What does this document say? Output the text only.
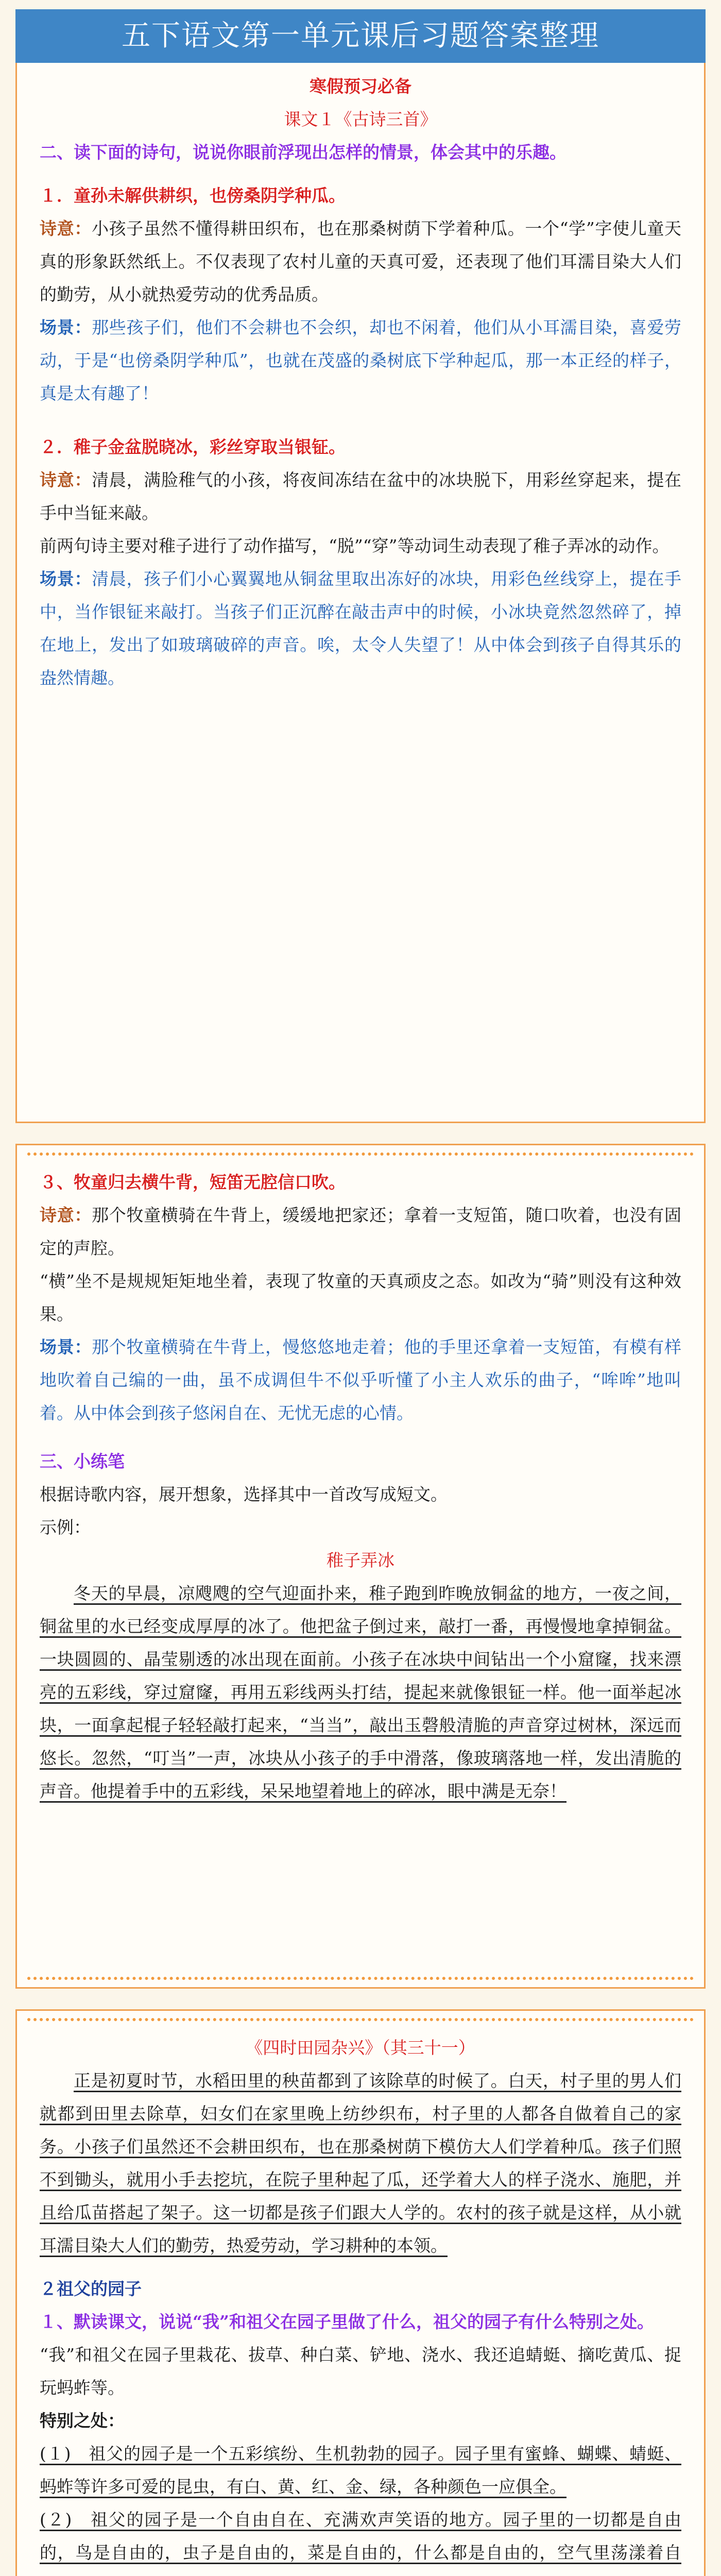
五下语文第一单元课后习题答案整理

寒假预习必备

课文１《古诗三首》

二、读下面的诗句，说说你眼前浮现出怎样的情景，体会其中的乐趣。

１．童孙未解供耕织，也傍桑阴学种瓜。

诗意：小孩子虽然不懂得耕田织布，也在那桑树荫下学着种瓜。一个“学”字使儿童天真的形象跃然纸上。不仅表现了农村儿童的天真可爱，还表现了他们耳濡目染大人们的勤劳，从小就热爱劳动的优秀品质。

场景：那些孩子们，他们不会耕也不会织，却也不闲着，他们从小耳濡目染，喜爱劳动，于是“也傍桑阴学种瓜”，也就在茂盛的桑树底下学种起瓜，那一本正经的样子，真是太有趣了！

２．稚子金盆脱晓冰，彩丝穿取当银钲。

诗意：清晨，满脸稚气的小孩，将夜间冻结在盆中的冰块脱下，用彩丝穿起来，提在手中当钲来敲。

前两句诗主要对稚子进行了动作描写，“脱”“穿”等动词生动表现了稚子弄冰的动作。

场景：清晨，孩子们小心翼翼地从铜盆里取出冻好的冰块，用彩色丝线穿上，提在手中，当作银钲来敲打。当孩子们正沉醉在敲击声中的时候，小冰块竟然忽然碎了，掉在地上，发出了如玻璃破碎的声音。唉，太令人失望了！从中体会到孩子自得其乐的盎然情趣。

３、牧童归去横牛背，短笛无腔信口吹。

诗意：那个牧童横骑在牛背上，缓缓地把家还；拿着一支短笛，随口吹着，也没有固定的声腔。

“横”坐不是规规矩矩地坐着，表现了牧童的天真顽皮之态。如改为“骑”则没有这种效果。

场景：那个牧童横骑在牛背上，慢悠悠地走着；他的手里还拿着一支短笛，有模有样地吹着自己编的一曲，虽不成调但牛不似乎听懂了小主人欢乐的曲子，“哞哞”地叫着。从中体会到孩子悠闲自在、无忧无虑的心情。

三、小练笔

根据诗歌内容，展开想象，选择其中一首改写成短文。

示例：

稚子弄冰

冬天的早晨，凉飕飕的空气迎面扑来，稚子跑到昨晚放铜盆的地方，一夜之间，铜盆里的水已经变成厚厚的冰了。他把盆子倒过来，敲打一番，再慢慢地拿掉铜盆。一块圆圆的、晶莹剔透的冰出现在面前。小孩子在冰块中间钻出一个小窟窿，找来漂亮的五彩线，穿过窟窿，再用五彩线两头打结，提起来就像银钲一样。他一面举起冰块，一面拿起棍子轻轻敲打起来，“当当”，敲出玉磬般清脆的声音穿过树林，深远而悠长。忽然，“叮当”一声，冰块从小孩子的手中滑落，像玻璃落地一样，发出清脆的声音。他提着手中的五彩线，呆呆地望着地上的碎冰，眼中满是无奈！

《四时田园杂兴》（其三十一）

正是初夏时节，水稻田里的秧苗都到了该除草的时候了。白天，村子里的男人们就都到田里去除草，妇女们在家里晚上纺纱织布，村子里的人都各自做着自己的家务。小孩子们虽然还不会耕田织布，也在那桑树荫下模仿大人们学着种瓜。孩子们照不到锄头，就用小手去挖坑，在院子里种起了瓜，还学着大人的样子浇水、施肥，并且给瓜苗搭起了架子。这一切都是孩子们跟大人学的。农村的孩子就是这样，从小就耳濡目染大人们的勤劳，热爱劳动，学习耕种的本领。

２祖父的园子

１、默读课文，说说“我”和祖父在园子里做了什么，祖父的园子有什么特别之处。

“我”和祖父在园子里栽花、拔草、种白菜、铲地、浇水、我还追蜻蜓、摘吃黄瓜、捉玩蚂蚱等。

特别之处：

(１)　祖父的园子是一个五彩缤纷、生机勃勃的园子。园子里有蜜蜂、蝴蝶、蜻蜓、蚂蚱等许多可爱的昆虫，有白、黄、红、金、绿，各种颜色一应俱全。

(２)　祖父的园子是一个自由自在、充满欢声笑语的地方。园子里的一切都是自由的，鸟是自由的，虫子是自由的，菜是自由的，什么都是自由的，空气里荡漾着自
